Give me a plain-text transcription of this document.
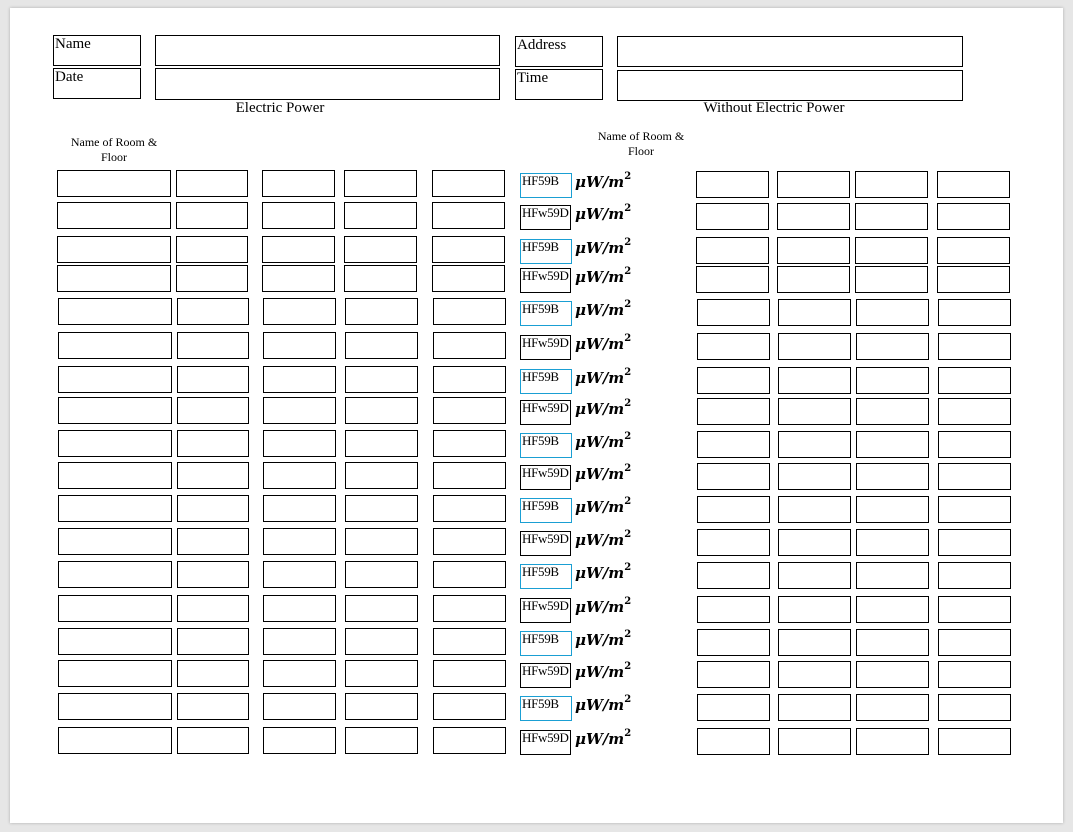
Name
Date
Address
Time
Electric Power	Without Electric Power
Name of Room &
Floor
Name of Room &
Floor
HF59B	$\mu W/m^2$
HFw59D $\mu W/m^2$
HF59B	$\mu W/m^2$
HFw59D $\mu W/m^2$
HF59B	$\mu W/m^2$
HFw59D $\mu W/m^2$
HF59B	$\mu W/m^2$
HFw59D $\mu W/m^2$
HF59B	$\mu W/m^2$
HFw59D $\mu W/m^2$
HF59B	$\mu W/m^2$
HFw59D $\mu W/m^2$
HF59B	$\mu W/m^2$
HFw59D $\mu W/m^2$
HF59B	$\mu W/m^2$
HFw59D $\mu W/m^2$
HF59B	$\mu W/m^2$
HFw59D $\mu W/m^2$
